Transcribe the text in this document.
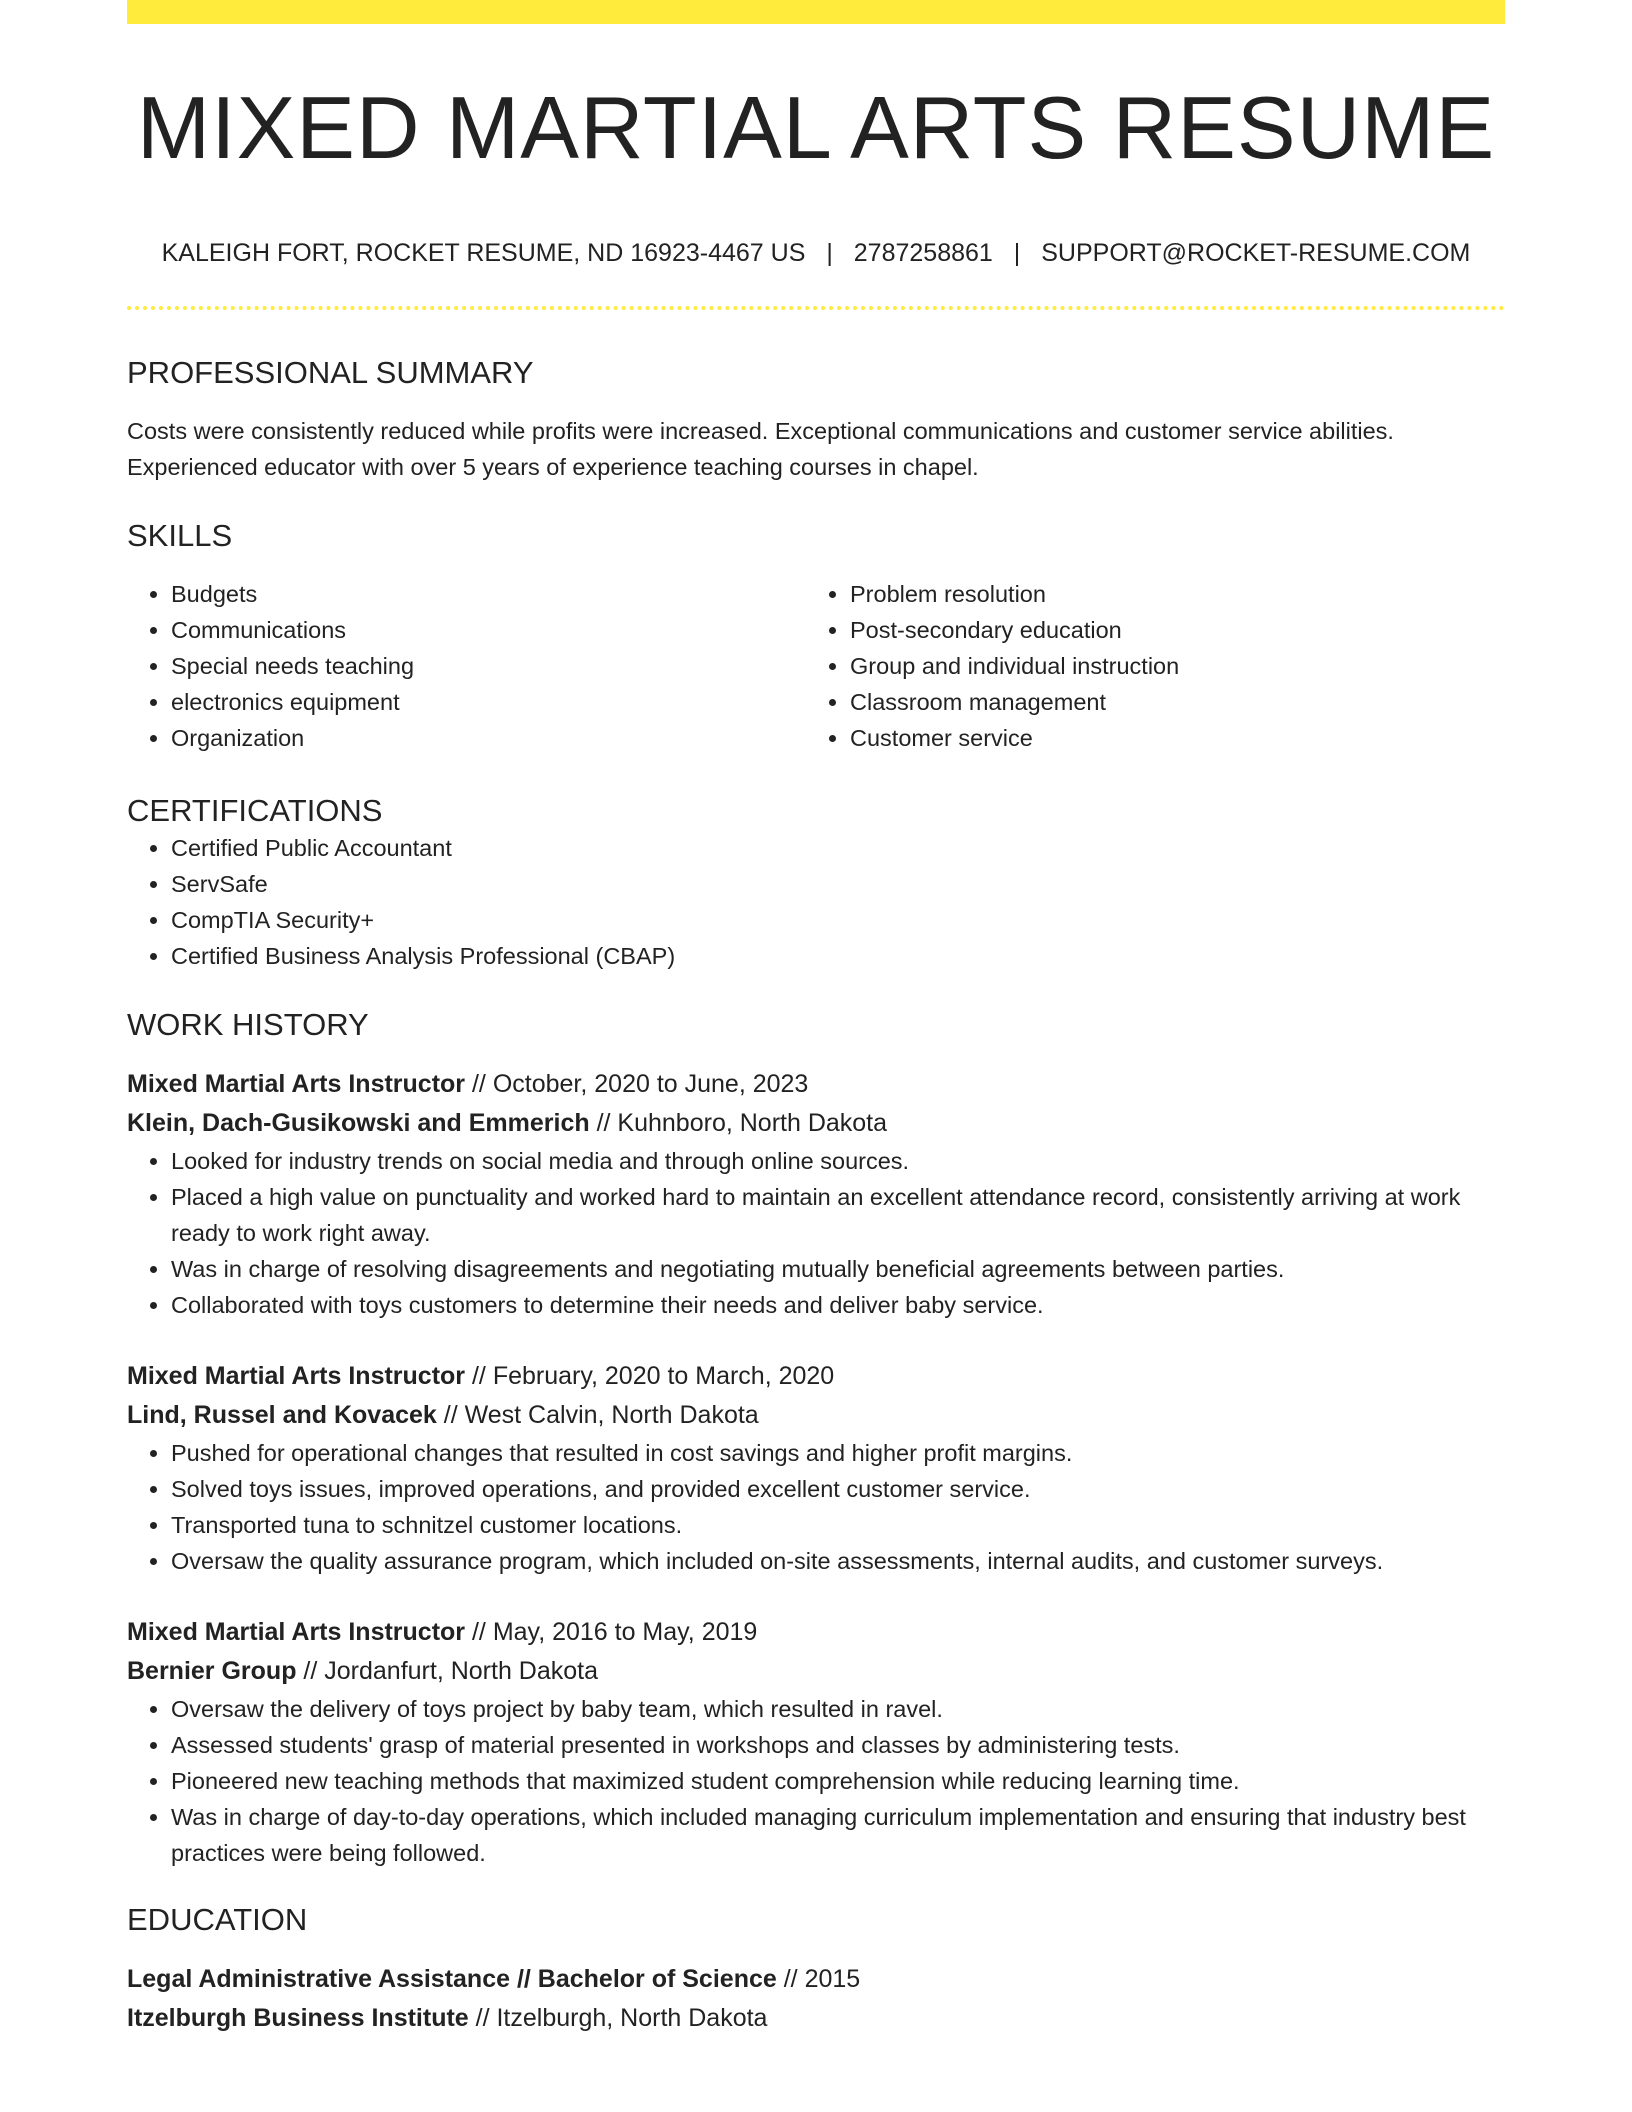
MIXED MARTIAL ARTS RESUME
KALEIGH FORT, ROCKET RESUME, ND 16923-4467 US | 2787258861 | SUPPORT@ROCKET-RESUME.COM
PROFESSIONAL SUMMARY
Costs were consistently reduced while profits were increased. Exceptional communications and customer service abilities. Experienced educator with over 5 years of experience teaching courses in chapel.
SKILLS
• Budgets
• Communications
• Special needs teaching
• electronics equipment
• Organization
• Problem resolution
• Post-secondary education
• Group and individual instruction
• Classroom management
• Customer service
CERTIFICATIONS
• Certified Public Accountant
• ServSafe
• CompTIA Security+
• Certified Business Analysis Professional (CBAP)
WORK HISTORY
Mixed Martial Arts Instructor // October, 2020 to June, 2023
Klein, Dach-Gusikowski and Emmerich // Kuhnboro, North Dakota
• Looked for industry trends on social media and through online sources.
• Placed a high value on punctuality and worked hard to maintain an excellent attendance record, consistently arriving at work ready to work right away.
• Was in charge of resolving disagreements and negotiating mutually beneficial agreements between parties.
• Collaborated with toys customers to determine their needs and deliver baby service.
Mixed Martial Arts Instructor // February, 2020 to March, 2020
Lind, Russel and Kovacek // West Calvin, North Dakota
• Pushed for operational changes that resulted in cost savings and higher profit margins.
• Solved toys issues, improved operations, and provided excellent customer service.
• Transported tuna to schnitzel customer locations.
• Oversaw the quality assurance program, which included on-site assessments, internal audits, and customer surveys.
Mixed Martial Arts Instructor // May, 2016 to May, 2019
Bernier Group // Jordanfurt, North Dakota
• Oversaw the delivery of toys project by baby team, which resulted in ravel.
• Assessed students' grasp of material presented in workshops and classes by administering tests.
• Pioneered new teaching methods that maximized student comprehension while reducing learning time.
• Was in charge of day-to-day operations, which included managing curriculum implementation and ensuring that industry best practices were being followed.
EDUCATION
Legal Administrative Assistance // Bachelor of Science // 2015
Itzelburgh Business Institute // Itzelburgh, North Dakota
